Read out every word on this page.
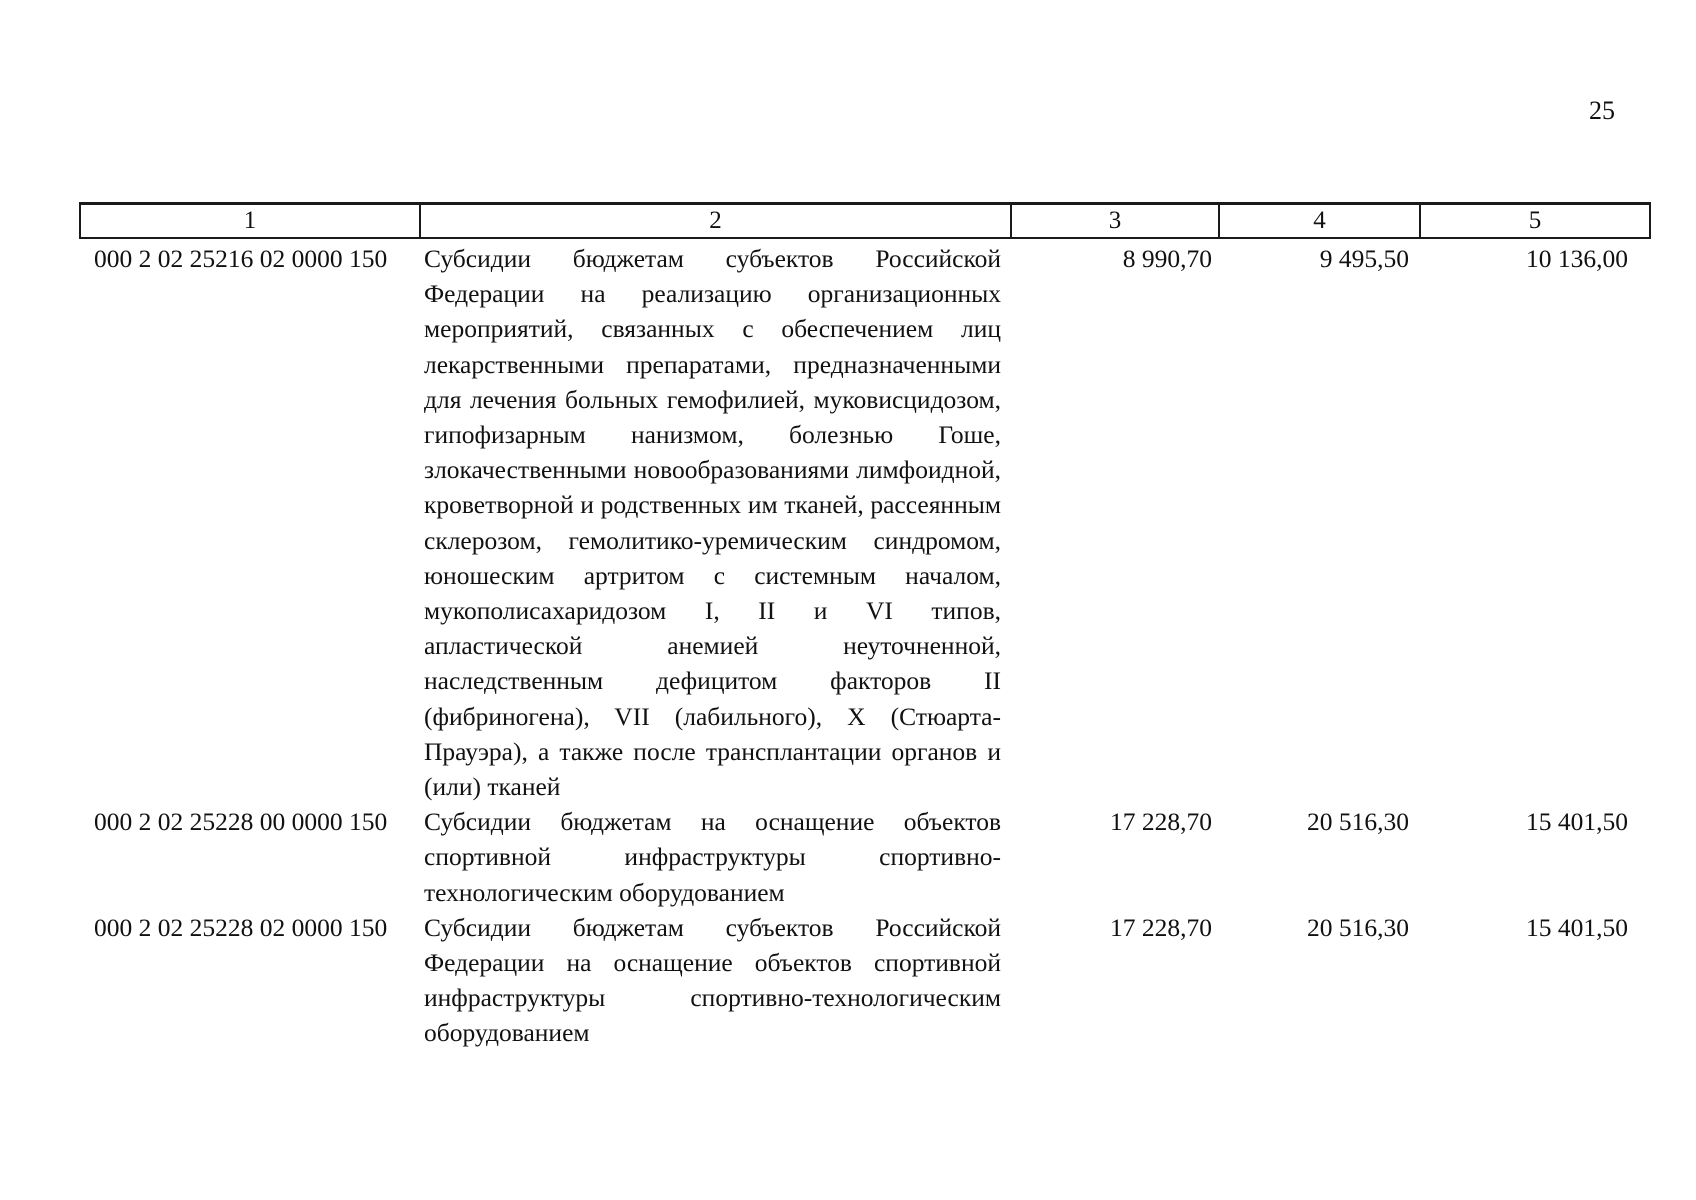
25
1	2	3	4	5
000 2 02 25216 02 0000 150	Субсидии бюджетам субъектов Российской Федерации на реализацию организационных мероприятий, связанных с обеспечением лиц лекарственными препаратами, предназначенными для лечения больных гемофилией, муковисцидозом, гипофизарным нанизмом, болезнью Гоше, злокачественными новообразованиями лимфоидной, кроветворной и родственных им тканей, рассеянным склерозом, гемолитико-уремическим синдромом, юношеским артритом с системным началом, мукополисахаридозом I, II и VI типов, апластической анемией неуточненной, наследственным дефицитом факторов II (фибриногена), VII (лабильного), X (Стюарта-Прауэра), а также после трансплантации органов и (или) тканей	8 990,70	9 495,50	10 136,00
000 2 02 25228 00 0000 150	Субсидии бюджетам на оснащение объектов спортивной инфраструктуры спортивно-технологическим оборудованием	17 228,70	20 516,30	15 401,50
000 2 02 25228 02 0000 150	Субсидии бюджетам субъектов Российской Федерации на оснащение объектов спортивной инфраструктуры спортивно-технологическим оборудованием	17 228,70	20 516,30	15 401,50
